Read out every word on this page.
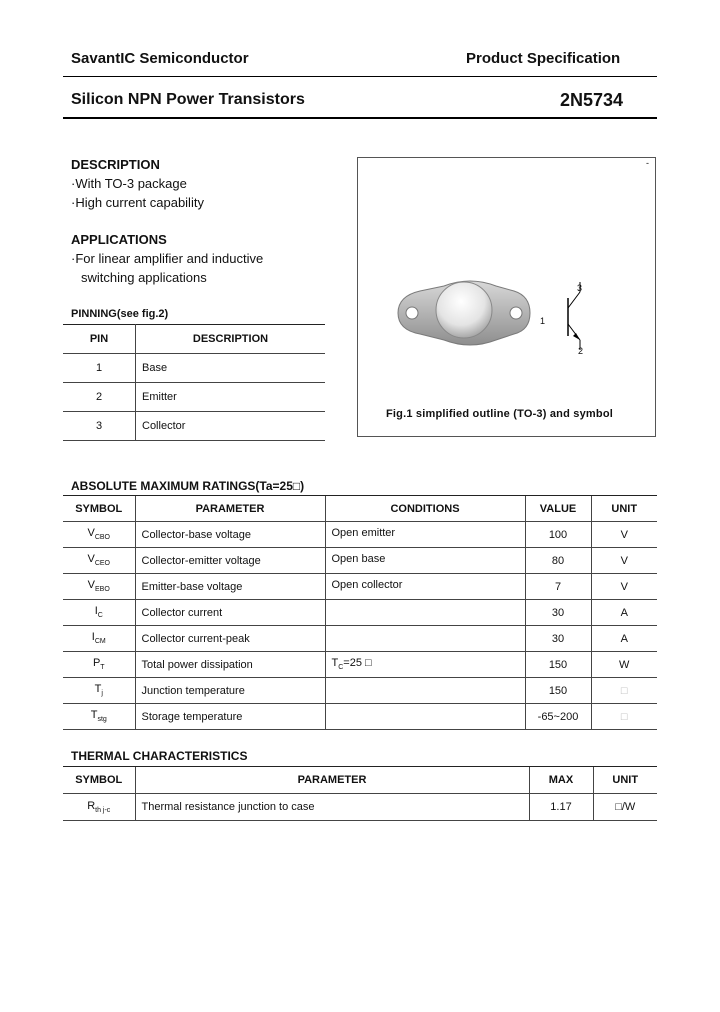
SavantIC Semiconductor	Product Specification
Silicon NPN Power Transistors	2N5734
DESCRIPTION
·With TO-3 package
·High current capability
APPLICATIONS
·For linear amplifier and inductive
switching applications
PINNING(see fig.2)
PIN	DESCRIPTION
1	Base
2	Emitter
3	Collector
-
1
2
3
Fig.1 simplified outline (TO-3) and symbol
ABSOLUTE MAXIMUM RATINGS(Ta=25□)
SYMBOL	PARAMETER	CONDITIONS	VALUE	UNIT
$V_{CBO}$	Collector-base voltage	Open emitter	100	V
$V_{CEO}$	Collector-emitter voltage	Open base	80	V
$V_{EBO}$	Emitter-base voltage	Open collector	7	V
$I_C$	Collector current		30	A
$I_{CM}$	Collector current-peak		30	A
$P_T$	Total power dissipation	$T_C=25$ □	150	W
$T_j$	Junction temperature		150	□
$T_{stg}$	Storage temperature		-65~200	□
THERMAL CHARACTERISTICS
SYMBOL	PARAMETER	MAX	UNIT
$R_{th j-c}$	Thermal resistance junction to case	1.17	□/W
